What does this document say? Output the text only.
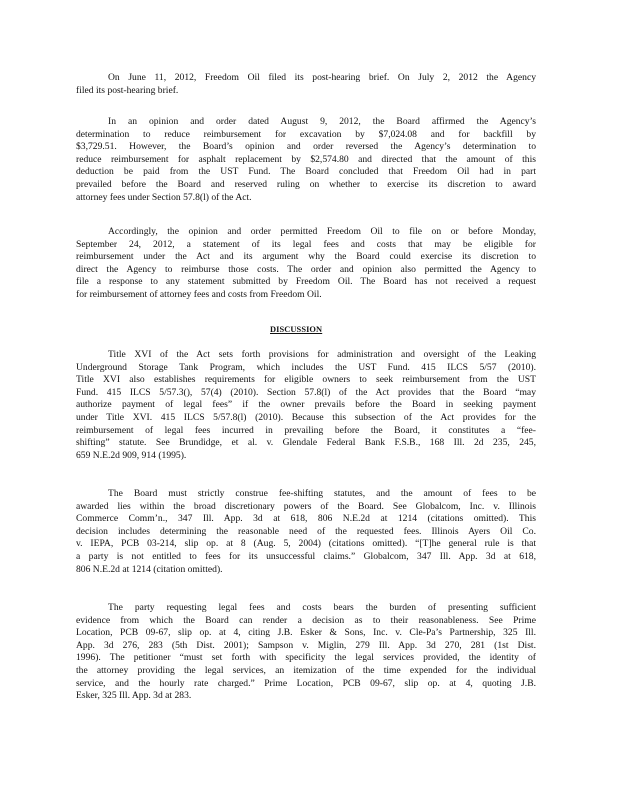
On June 11, 2012, Freedom Oil filed its post-hearing brief. On July 2, 2012 the Agency
filed its post-hearing brief.
In an opinion and order dated August 9, 2012, the Board affirmed the Agency’s
determination to reduce reimbursement for excavation by $7,024.08 and for backfill by
$3,729.51. However, the Board’s opinion and order reversed the Agency’s determination to
reduce reimbursement for asphalt replacement by $2,574.80 and directed that the amount of this
deduction be paid from the UST Fund. The Board concluded that Freedom Oil had in part
prevailed before the Board and reserved ruling on whether to exercise its discretion to award
attorney fees under Section 57.8(l) of the Act.
Accordingly, the opinion and order permitted Freedom Oil to file on or before Monday,
September 24, 2012, a statement of its legal fees and costs that may be eligible for
reimbursement under the Act and its argument why the Board could exercise its discretion to
direct the Agency to reimburse those costs. The order and opinion also permitted the Agency to
file a response to any statement submitted by Freedom Oil. The Board has not received a request
for reimbursement of attorney fees and costs from Freedom Oil.
DISCUSSION
Title XVI of the Act sets forth provisions for administration and oversight of the Leaking
Underground Storage Tank Program, which includes the UST Fund. 415 ILCS 5/57 (2010).
Title XVI also establishes requirements for eligible owners to seek reimbursement from the UST
Fund. 415 ILCS 5/57.3(), 57(4) (2010). Section 57.8(l) of the Act provides that the Board “may
authorize payment of legal fees” if the owner prevails before the Board in seeking payment
under Title XVI. 415 ILCS 5/57.8(l) (2010). Because this subsection of the Act provides for the
reimbursement of legal fees incurred in prevailing before the Board, it constitutes a “fee-
shifting” statute. See Brundidge, et al. v. Glendale Federal Bank F.S.B., 168 Ill. 2d 235, 245,
659 N.E.2d 909, 914 (1995).
The Board must strictly construe fee-shifting statutes, and the amount of fees to be
awarded lies within the broad discretionary powers of the Board. See Globalcom, Inc. v. Illinois
Commerce Comm’n., 347 Ill. App. 3d at 618, 806 N.E.2d at 1214 (citations omitted). This
decision includes determining the reasonable need of the requested fees. Illinois Ayers Oil Co.
v. IEPA, PCB 03-214, slip op. at 8 (Aug. 5, 2004) (citations omitted). “[T]he general rule is that
a party is not entitled to fees for its unsuccessful claims.” Globalcom, 347 Ill. App. 3d at 618,
806 N.E.2d at 1214 (citation omitted).
The party requesting legal fees and costs bears the burden of presenting sufficient
evidence from which the Board can render a decision as to their reasonableness. See Prime
Location, PCB 09-67, slip op. at 4, citing J.B. Esker & Sons, Inc. v. Cle-Pa’s Partnership, 325 Ill.
App. 3d 276, 283 (5th Dist. 2001); Sampson v. Miglin, 279 Ill. App. 3d 270, 281 (1st Dist.
1996). The petitioner “must set forth with specificity the legal services provided, the identity of
the attorney providing the legal services, an itemization of the time expended for the individual
service, and the hourly rate charged.” Prime Location, PCB 09-67, slip op. at 4, quoting J.B.
Esker, 325 Ill. App. 3d at 283.
